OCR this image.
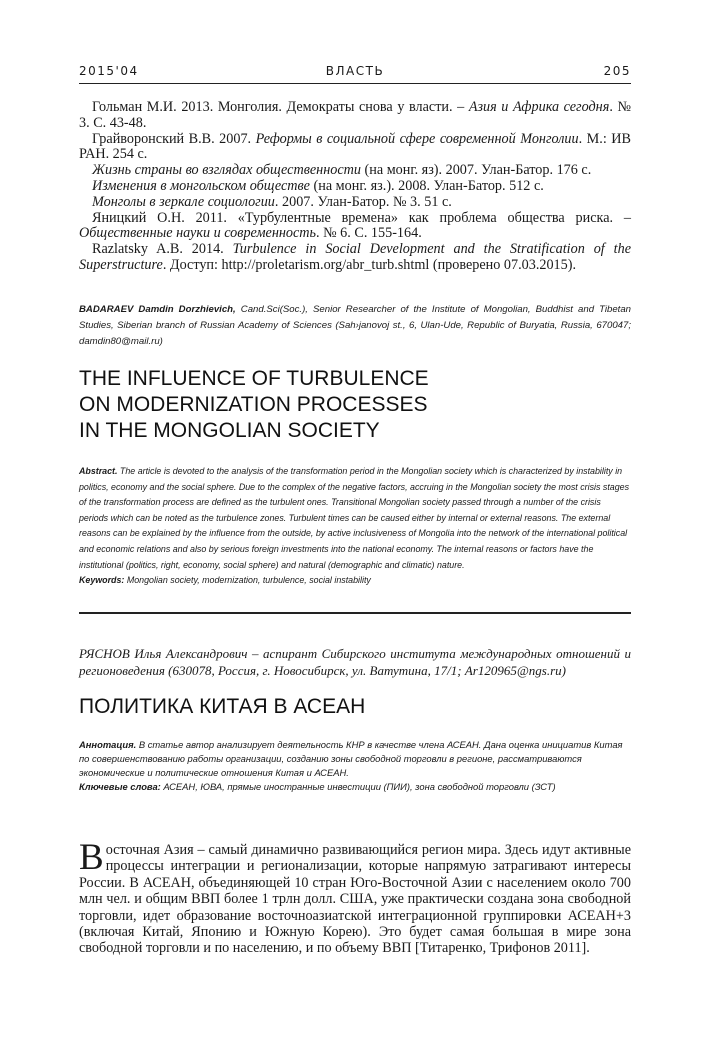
2015'04	ВЛАСТЬ	205

Гольман М.И. 2013. Монголия. Демократы снова у власти. – Азия и Африка сегодня. № 3. С. 43-48.

Грайворонский В.В. 2007. Реформы в социальной сфере современной Монголии. М.: ИВ РАН. 254 с.

Жизнь страны во взглядах общественности (на монг. яз). 2007. Улан-Батор. 176 с.

Изменения в монгольском обществе (на монг. яз.). 2008. Улан-Батор. 512 с.

Монголы в зеркале социологии. 2007. Улан-Батор. № 3. 51 с.

Яницкий О.Н. 2011. «Турбулентные времена» как проблема общества риска. – Общественные науки и современность. № 6. С. 155-164.

Razlatsky A.B. 2014. Turbulence in Social Development and the Stratification of the Superstructure. Доступ: http://proletarism.org/abr_turb.shtml (проверено 07.03.2015).

BADARAEV Damdin Dorzhievich, Cand.Sci(Soc.), Senior Researcher of the Institute of Mongolian, Buddhist and Tibetan Studies, Siberian branch of Russian Academy of Sciences (Sah›janovoj st., 6, Ulan-Ude, Republic of Buryatia, Russia, 670047; damdin80@mail.ru)
THE INFLUENCE OF TURBULENCE
ON MODERNIZATION PROCESSES
IN THE MONGOLIAN SOCIETY

Abstract. The article is devoted to the analysis of the transformation period in the Mongolian society which is characterized by instability in politics, economy and the social sphere. Due to the complex of the negative factors, accruing in the Mongolian society the most crisis stages of the transformation process are defined as the turbulent ones. Transitional Mongolian society passed through a number of the crisis periods which can be noted as the turbulence zones. Turbulent times can be caused either by internal or external reasons. The external reasons can be explained by the influence from the outside, by active inclusiveness of Mongolia into the network of the international political and economic relations and also by serious foreign investments into the national economy. The internal reasons or factors have the institutional (politics, right, economy, social sphere) and natural (demographic and climatic) nature.

Keywords: Mongolian society, modernization, turbulence, social instability

РЯСНОВ Илья Александрович – аспирант Сибирского института международных отношений и регионоведения (630078, Россия, г. Новосибирск, ул. Ватутина, 17/1; Ar120965@ngs.ru)
ПОЛИТИКА КИТАЯ В АСЕАН

Аннотация. В статье автор анализирует деятельность КНР в качестве члена АСЕАН. Дана оценка инициатив Китая по совершенствованию работы организации, созданию зоны свободной торговли в регионе, рассматриваются экономические и политические отношения Китая и АСЕАН.

Ключевые слова: АСЕАН, ЮВА, прямые иностранные инвестиции (ПИИ), зона свободной торговли (ЗСТ)

Восточная Азия – самый динамично развивающийся регион мира. Здесь идут активные процессы интеграции и регионализации, которые напрямую затрагивают интересы России. В АСЕАН, объединяющей 10 стран Юго-Восточной Азии с населением около 700 млн чел. и общим ВВП более 1 трлн долл. США, уже практически создана зона свободной торговли, идет образование восточноазиатской интеграционной группировки АСЕАН+3 (включая Китай, Японию и Южную Корею). Это будет самая большая в мире зона свободной торговли и по населению, и по объему ВВП [Титаренко, Трифонов 2011].
